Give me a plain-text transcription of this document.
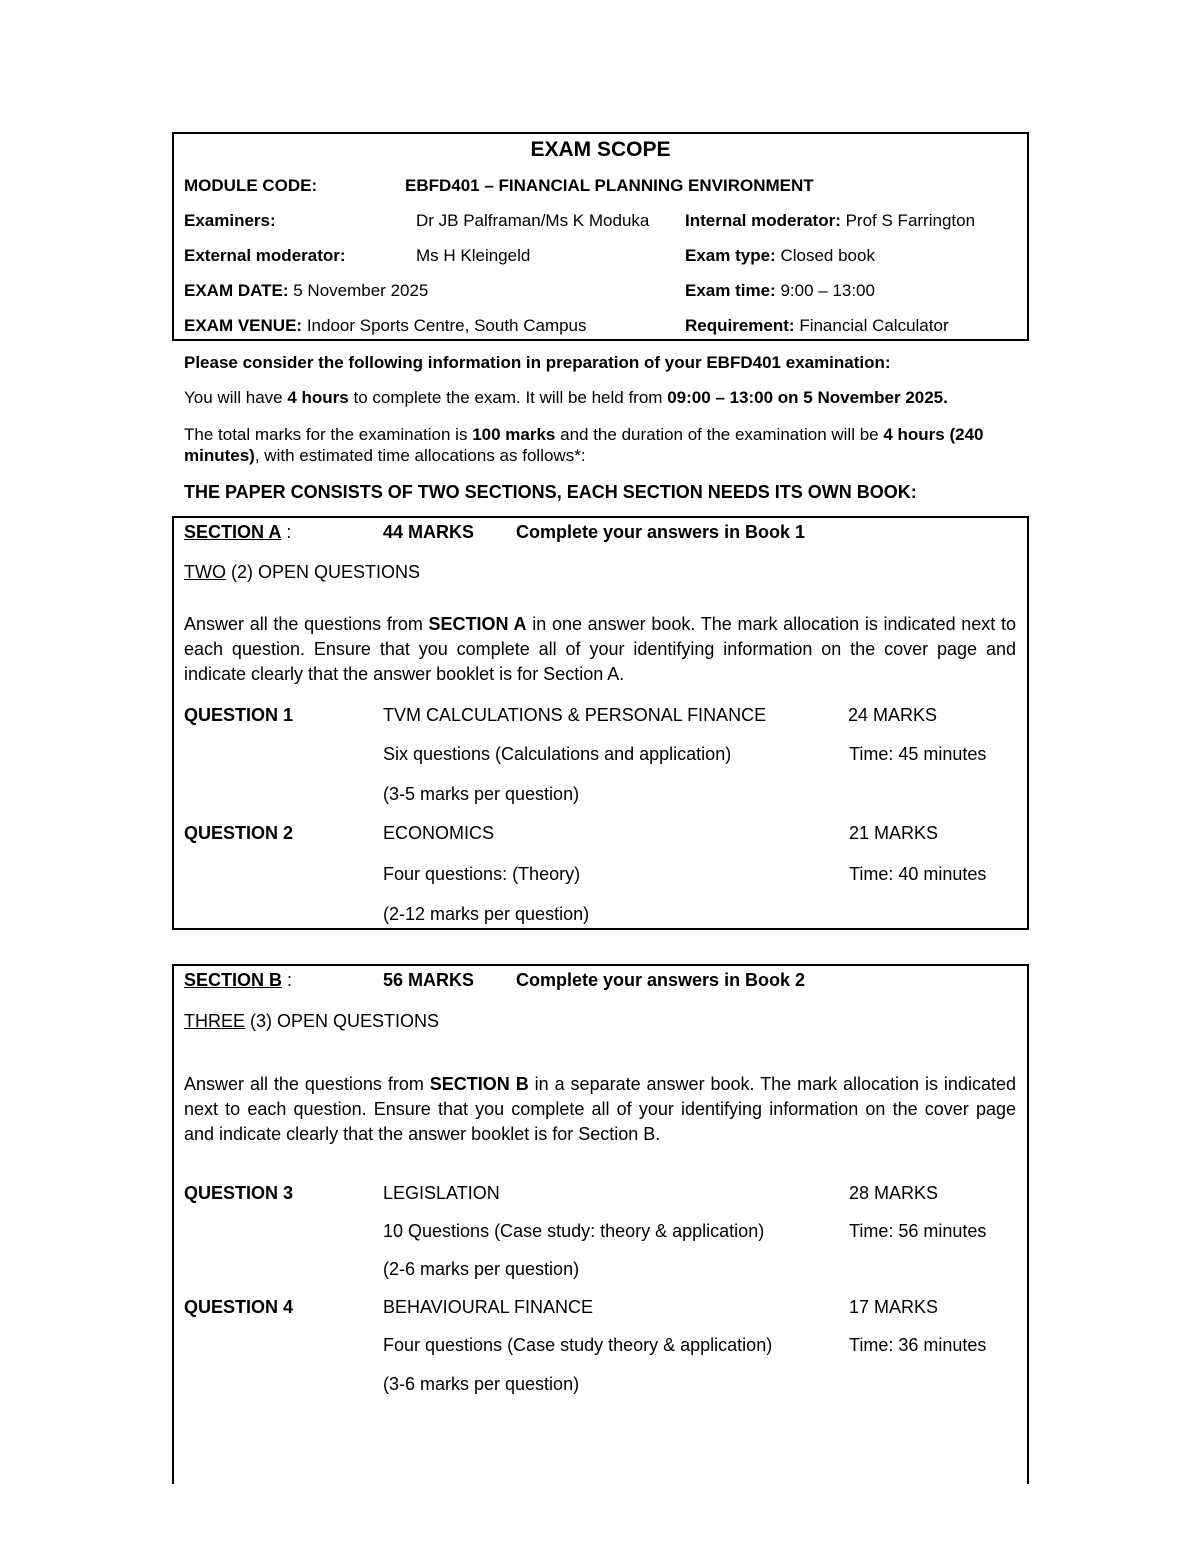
EXAM SCOPE
MODULE CODE:	EBFD401 – FINANCIAL PLANNING ENVIRONMENT
Examiners:	Dr JB Palframan/Ms K Moduka Internal moderator: Prof S Farrington
External moderator:	Ms H Kleingeld	Exam type: Closed book
EXAM DATE: 5 November 2025	Exam time: 9:00 – 13:00
EXAM VENUE: Indoor Sports Centre, South Campus	Requirement: Financial Calculator
Please consider the following information in preparation of your EBFD401 examination:
You will have 4 hours to complete the exam. It will be held from 09:00 – 13:00 on 5 November 2025.
The total marks for the examination is 100 marks and the duration of the examination will be 4 hours (240 minutes), with estimated time allocations as follows*:
THE PAPER CONSISTS OF TWO SECTIONS, EACH SECTION NEEDS ITS OWN BOOK:
SECTION A :	44 MARKS Complete your answers in Book 1
TWO (2) OPEN QUESTIONS
Answer all the questions from SECTION A in one answer book. The mark allocation is indicated next to each question. Ensure that you complete all of your identifying information on the cover page and indicate clearly that the answer booklet is for Section A.
QUESTION 1	TVM CALCULATIONS & PERSONAL FINANCE	24 MARKS
Six questions (Calculations and application)	Time: 45 minutes
(3-5 marks per question)
QUESTION 2	ECONOMICS	21 MARKS
Four questions: (Theory)	Time: 40 minutes
(2-12 marks per question)
SECTION B :	56 MARKS Complete your answers in Book 2
THREE (3) OPEN QUESTIONS
Answer all the questions from SECTION B in a separate answer book. The mark allocation is indicated next to each question. Ensure that you complete all of your identifying information on the cover page and indicate clearly that the answer booklet is for Section B.
QUESTION 3	LEGISLATION	28 MARKS
10 Questions (Case study: theory & application)	Time: 56 minutes
(2-6 marks per question)
QUESTION 4	BEHAVIOURAL FINANCE	17 MARKS
Four questions (Case study theory & application)	Time: 36 minutes
(3-6 marks per question)
